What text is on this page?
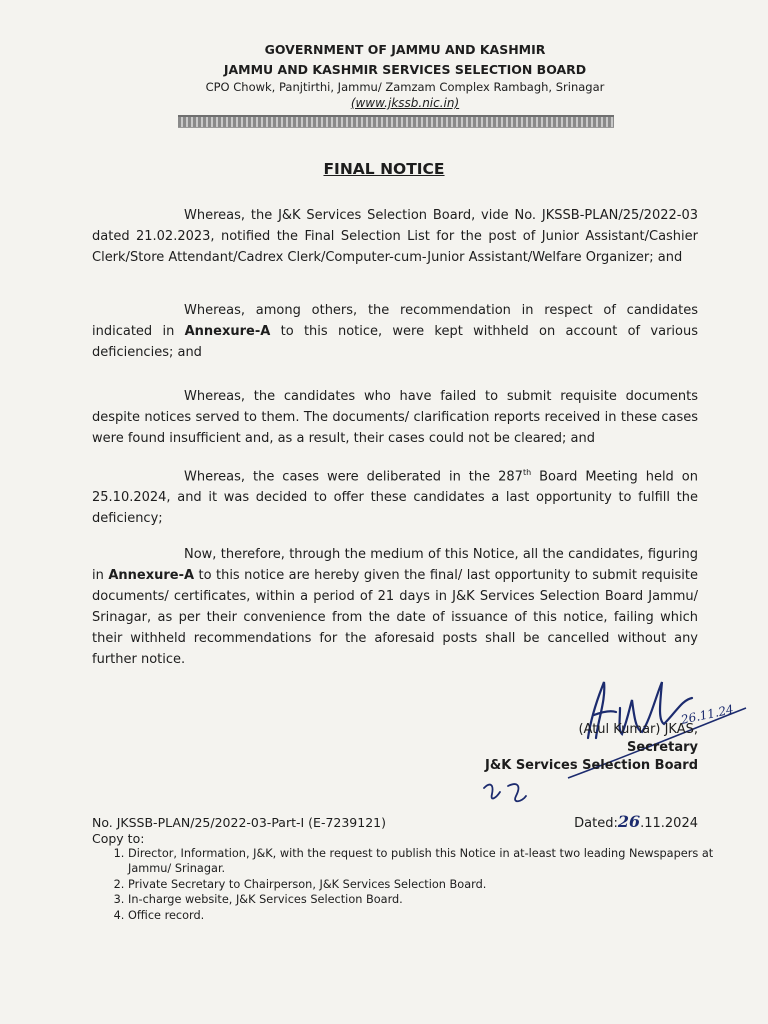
GOVERNMENT OF JAMMU AND KASHMIR
JAMMU AND KASHMIR SERVICES SELECTION BOARD
CPO Chowk, Panjtirthi, Jammu/ Zamzam Complex Rambagh, Srinagar
(www.jkssb.nic.in)
FINAL NOTICE

Whereas, the J&K Services Selection Board, vide No. JKSSB-PLAN/25/2022-03 dated 21.02.2023, notified the Final Selection List for the post of Junior Assistant/Cashier Clerk/Store Attendant/Cadrex Clerk/Computer-cum-Junior Assistant/Welfare Organizer; and

Whereas, among others, the recommendation in respect of candidates indicated in Annexure-A to this notice, were kept withheld on account of various deficiencies; and

Whereas, the candidates who have failed to submit requisite documents despite notices served to them. The documents/ clarification reports received in these cases were found insufficient and, as a result, their cases could not be cleared; and

Whereas, the cases were deliberated in the 287th Board Meeting held on 25.10.2024, and it was decided to offer these candidates a last opportunity to fulfill the deficiency;

Now, therefore, through the medium of this Notice, all the candidates, figuring in Annexure-A to this notice are hereby given the final/ last opportunity to submit requisite documents/ certificates, within a period of 21 days in J&K Services Selection Board Jammu/ Srinagar, as per their convenience from the date of issuance of this notice, failing which their withheld recommendations for the aforesaid posts shall be cancelled without any further notice.

26.11.24
(Atul Kumar) JKAS,
Secretary
J&K Services Selection Board
No. JKSSB-PLAN/25/2022-03-Part-I (E-7239121)	Dated:26.11.2024
Copy to:
1. Director, Information, J&K, with the request to publish this Notice in at-least two leading Newspapers at Jammu/ Srinagar.
2. Private Secretary to Chairperson, J&K Services Selection Board.
3. In-charge website, J&K Services Selection Board.
4. Office record.
